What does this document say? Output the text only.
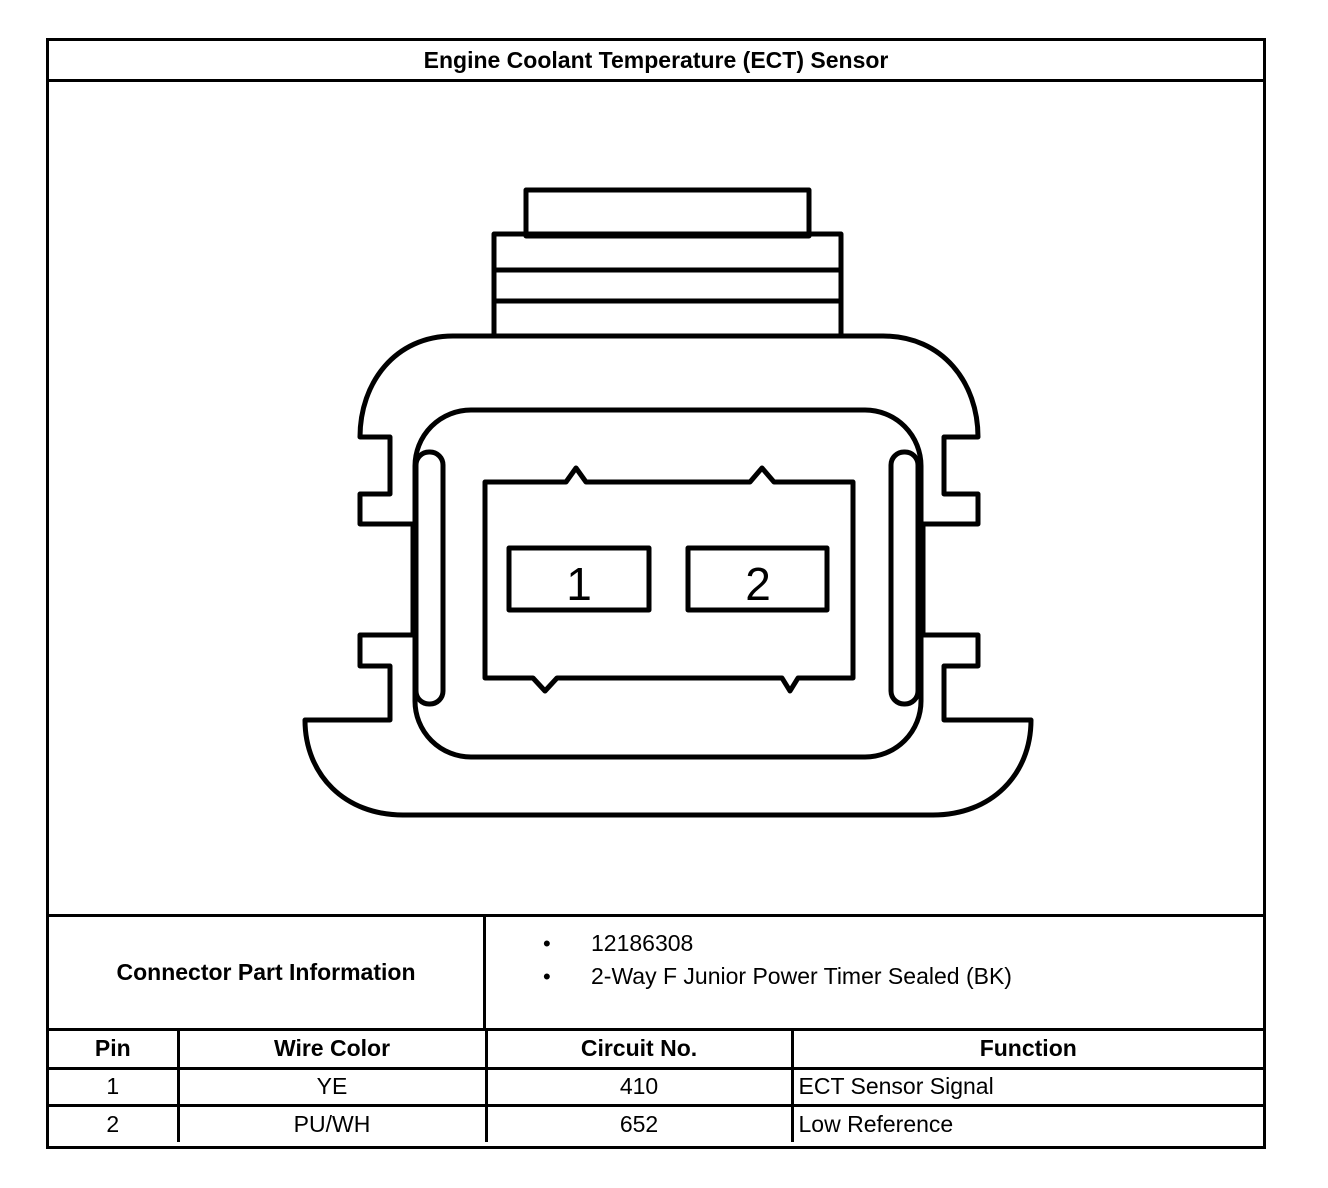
Engine Coolant Temperature (ECT) Sensor
1	2
Connector Part Information
• 12186308
• 2-Way F Junior Power Timer Sealed (BK)
Pin	Wire Color	Circuit No.	Function
1	YE	410	ECT Sensor Signal
2	PU/WH	652	Low Reference
